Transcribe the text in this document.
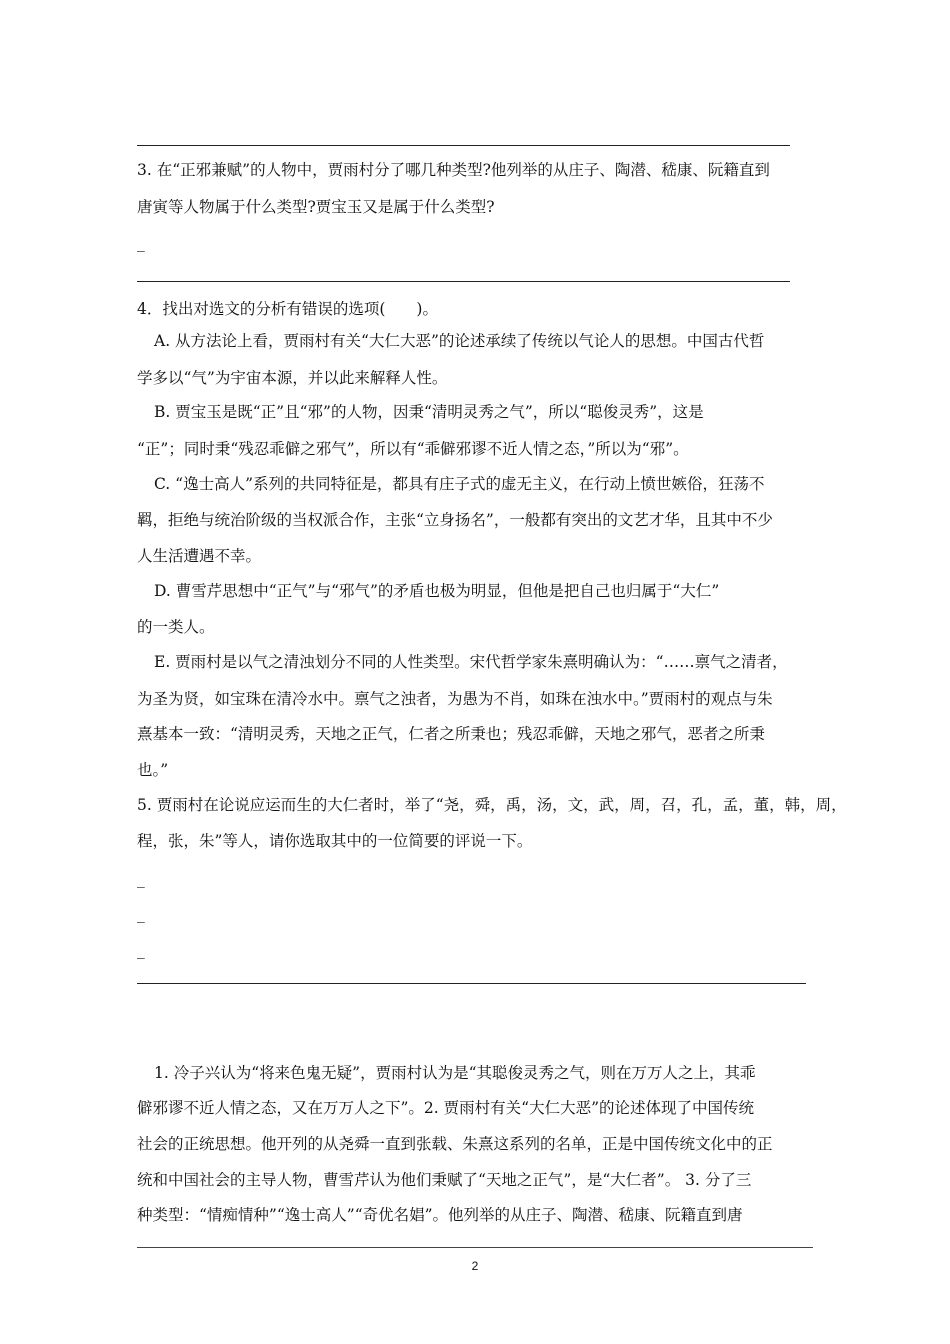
3. 在“正邪兼赋”的人物中，贾雨村分了哪几种类型?他列举的从庄子、陶潜、嵇康、阮籍直到

唐寅等人物属于什么类型?贾宝玉又是属于什么类型?

_

4．找出对选文的分析有错误的选项(　　)。

A. 从方法论上看，贾雨村有关“大仁大恶”的论述承续了传统以气论人的思想。中国古代哲

学多以“气”为宇宙本源，并以此来解释人性。

B. 贾宝玉是既“正”且“邪”的人物，因秉“清明灵秀之气”，所以“聪俊灵秀”，这是

“正”；同时秉“残忍乖僻之邪气”，所以有“乖僻邪谬不近人情之态，”所以为“邪”。

C. “逸士高人”系列的共同特征是，都具有庄子式的虚无主义，在行动上愤世嫉俗，狂荡不

羁，拒绝与统治阶级的当权派合作，主张“立身扬名”，一般都有突出的文艺才华，且其中不少

人生活遭遇不幸。

D. 曹雪芹思想中“正气”与“邪气”的矛盾也极为明显，但他是把自己也归属于“大仁”

的一类人。

E. 贾雨村是以气之清浊划分不同的人性类型。宋代哲学家朱熹明确认为：“……禀气之清者，

为圣为贤，如宝珠在清冷水中。禀气之浊者，为愚为不肖，如珠在浊水中。”贾雨村的观点与朱

熹基本一致：“清明灵秀，天地之正气，仁者之所秉也；残忍乖僻，天地之邪气，恶者之所秉

也。”

5. 贾雨村在论说应运而生的大仁者时，举了“尧，舜，禹，汤，文，武，周，召，孔，孟，董，韩，周，

程，张，朱”等人，请你选取其中的一位简要的评说一下。

_
_
_

1. 冷子兴认为“将来色鬼无疑”，贾雨村认为是“其聪俊灵秀之气，则在万万人之上，其乖

僻邪谬不近人情之态，又在万万人之下”。2. 贾雨村有关“大仁大恶”的论述体现了中国传统

社会的正统思想。他开列的从尧舜一直到张载、朱熹这系列的名单，正是中国传统文化中的正

统和中国社会的主导人物，曹雪芹认为他们秉赋了“天地之正气”，是“大仁者”。 3. 分了三

种类型：“情痴情种”“逸士高人”“奇优名娼”。他列举的从庄子、陶潜、嵇康、阮籍直到唐

2
